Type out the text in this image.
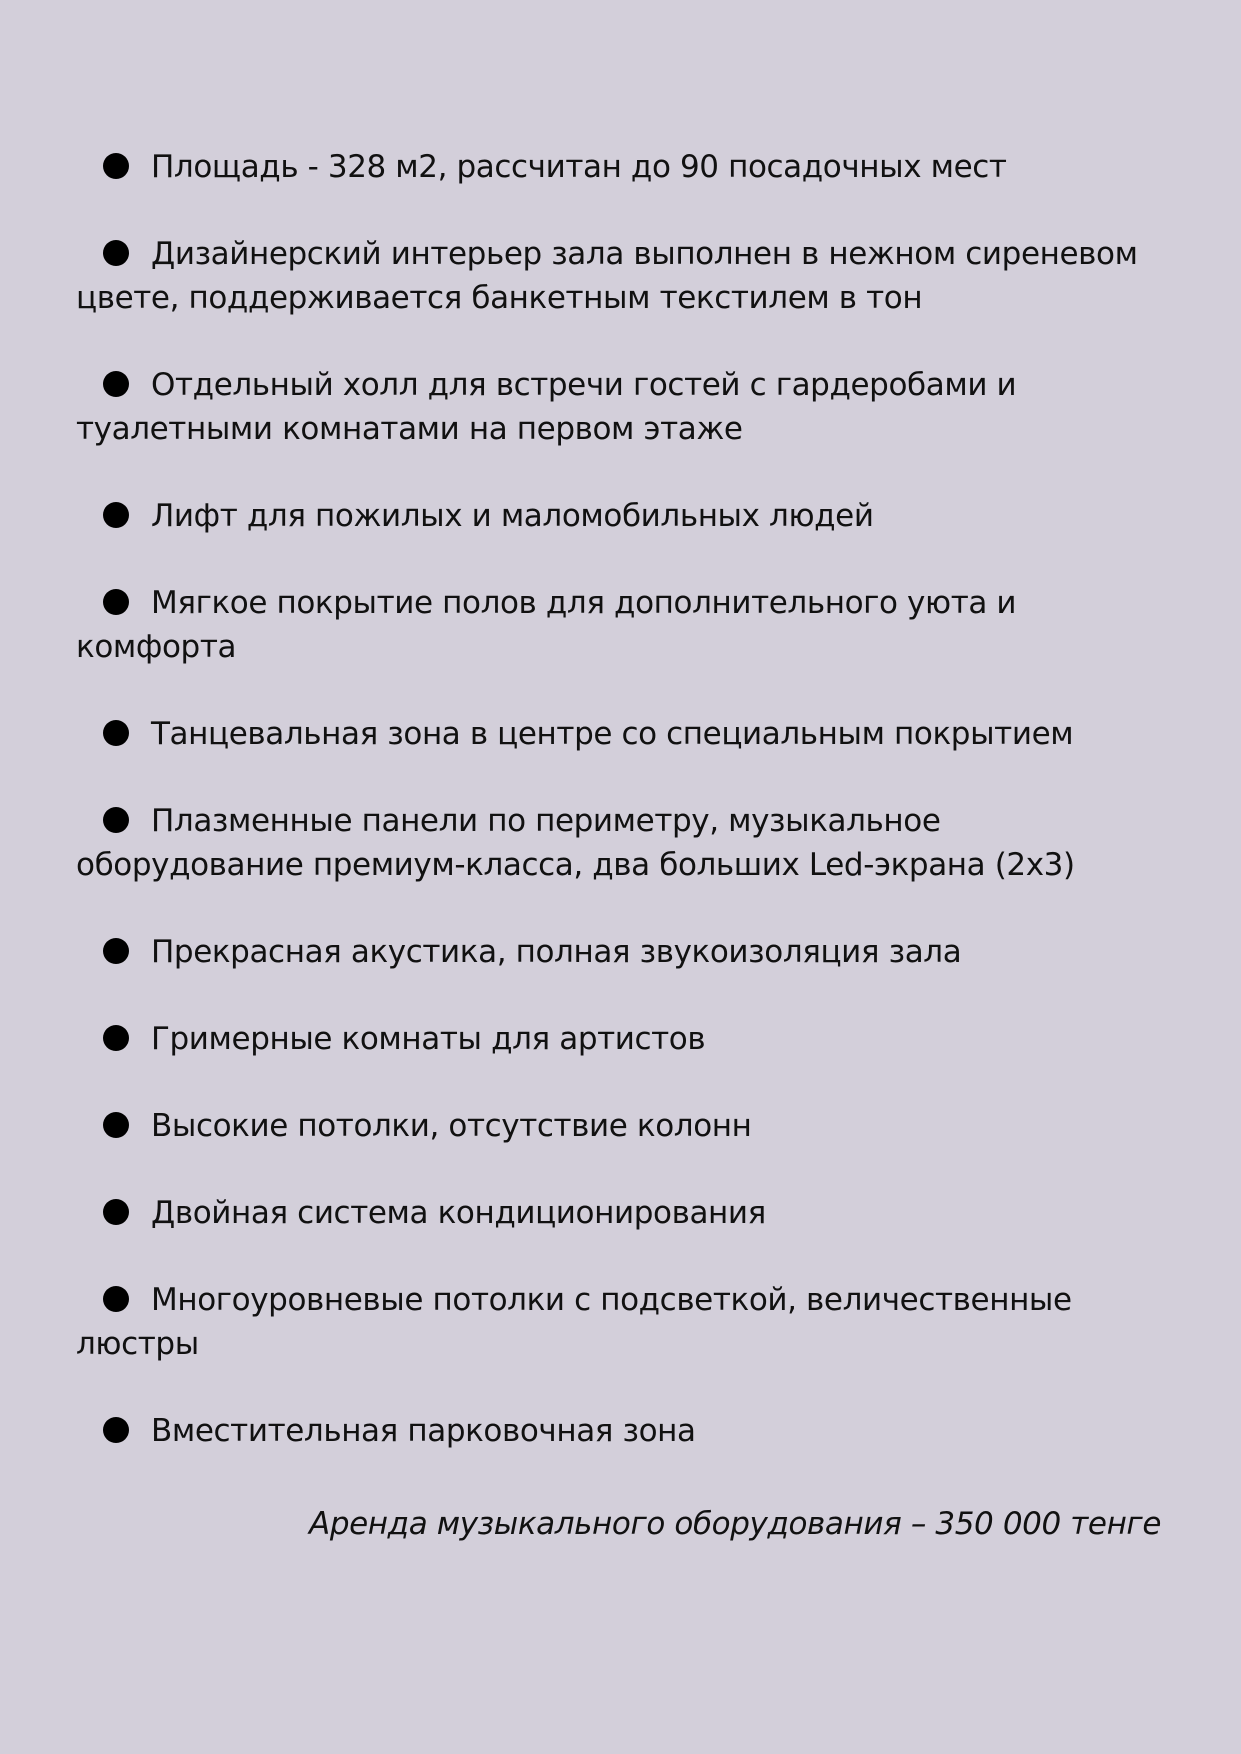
Площадь - 328 м2, рассчитан до 90 посадочных мест
Дизайнерский интерьер зала выполнен в нежном сиреневом цвете, поддерживается банкетным текстилем в тон
Отдельный холл для встречи гостей с гардеробами и туалетными комнатами на первом этаже
Лифт для пожилых и маломобильных людей
Мягкое покрытие полов для дополнительного уюта и комфорта
Танцевальная зона в центре со специальным покрытием
Плазменные панели по периметру, музыкальное оборудование премиум-класса, два больших Led-экрана (2х3)
Прекрасная акустика, полная звукоизоляция зала
Гримерные комнаты для артистов
Высокие потолки, отсутствие колонн
Двойная система кондиционирования
Многоуровневые потолки с подсветкой, величественные люстры
Вместительная парковочная зона
Аренда музыкального оборудования – 350 000 тенге
